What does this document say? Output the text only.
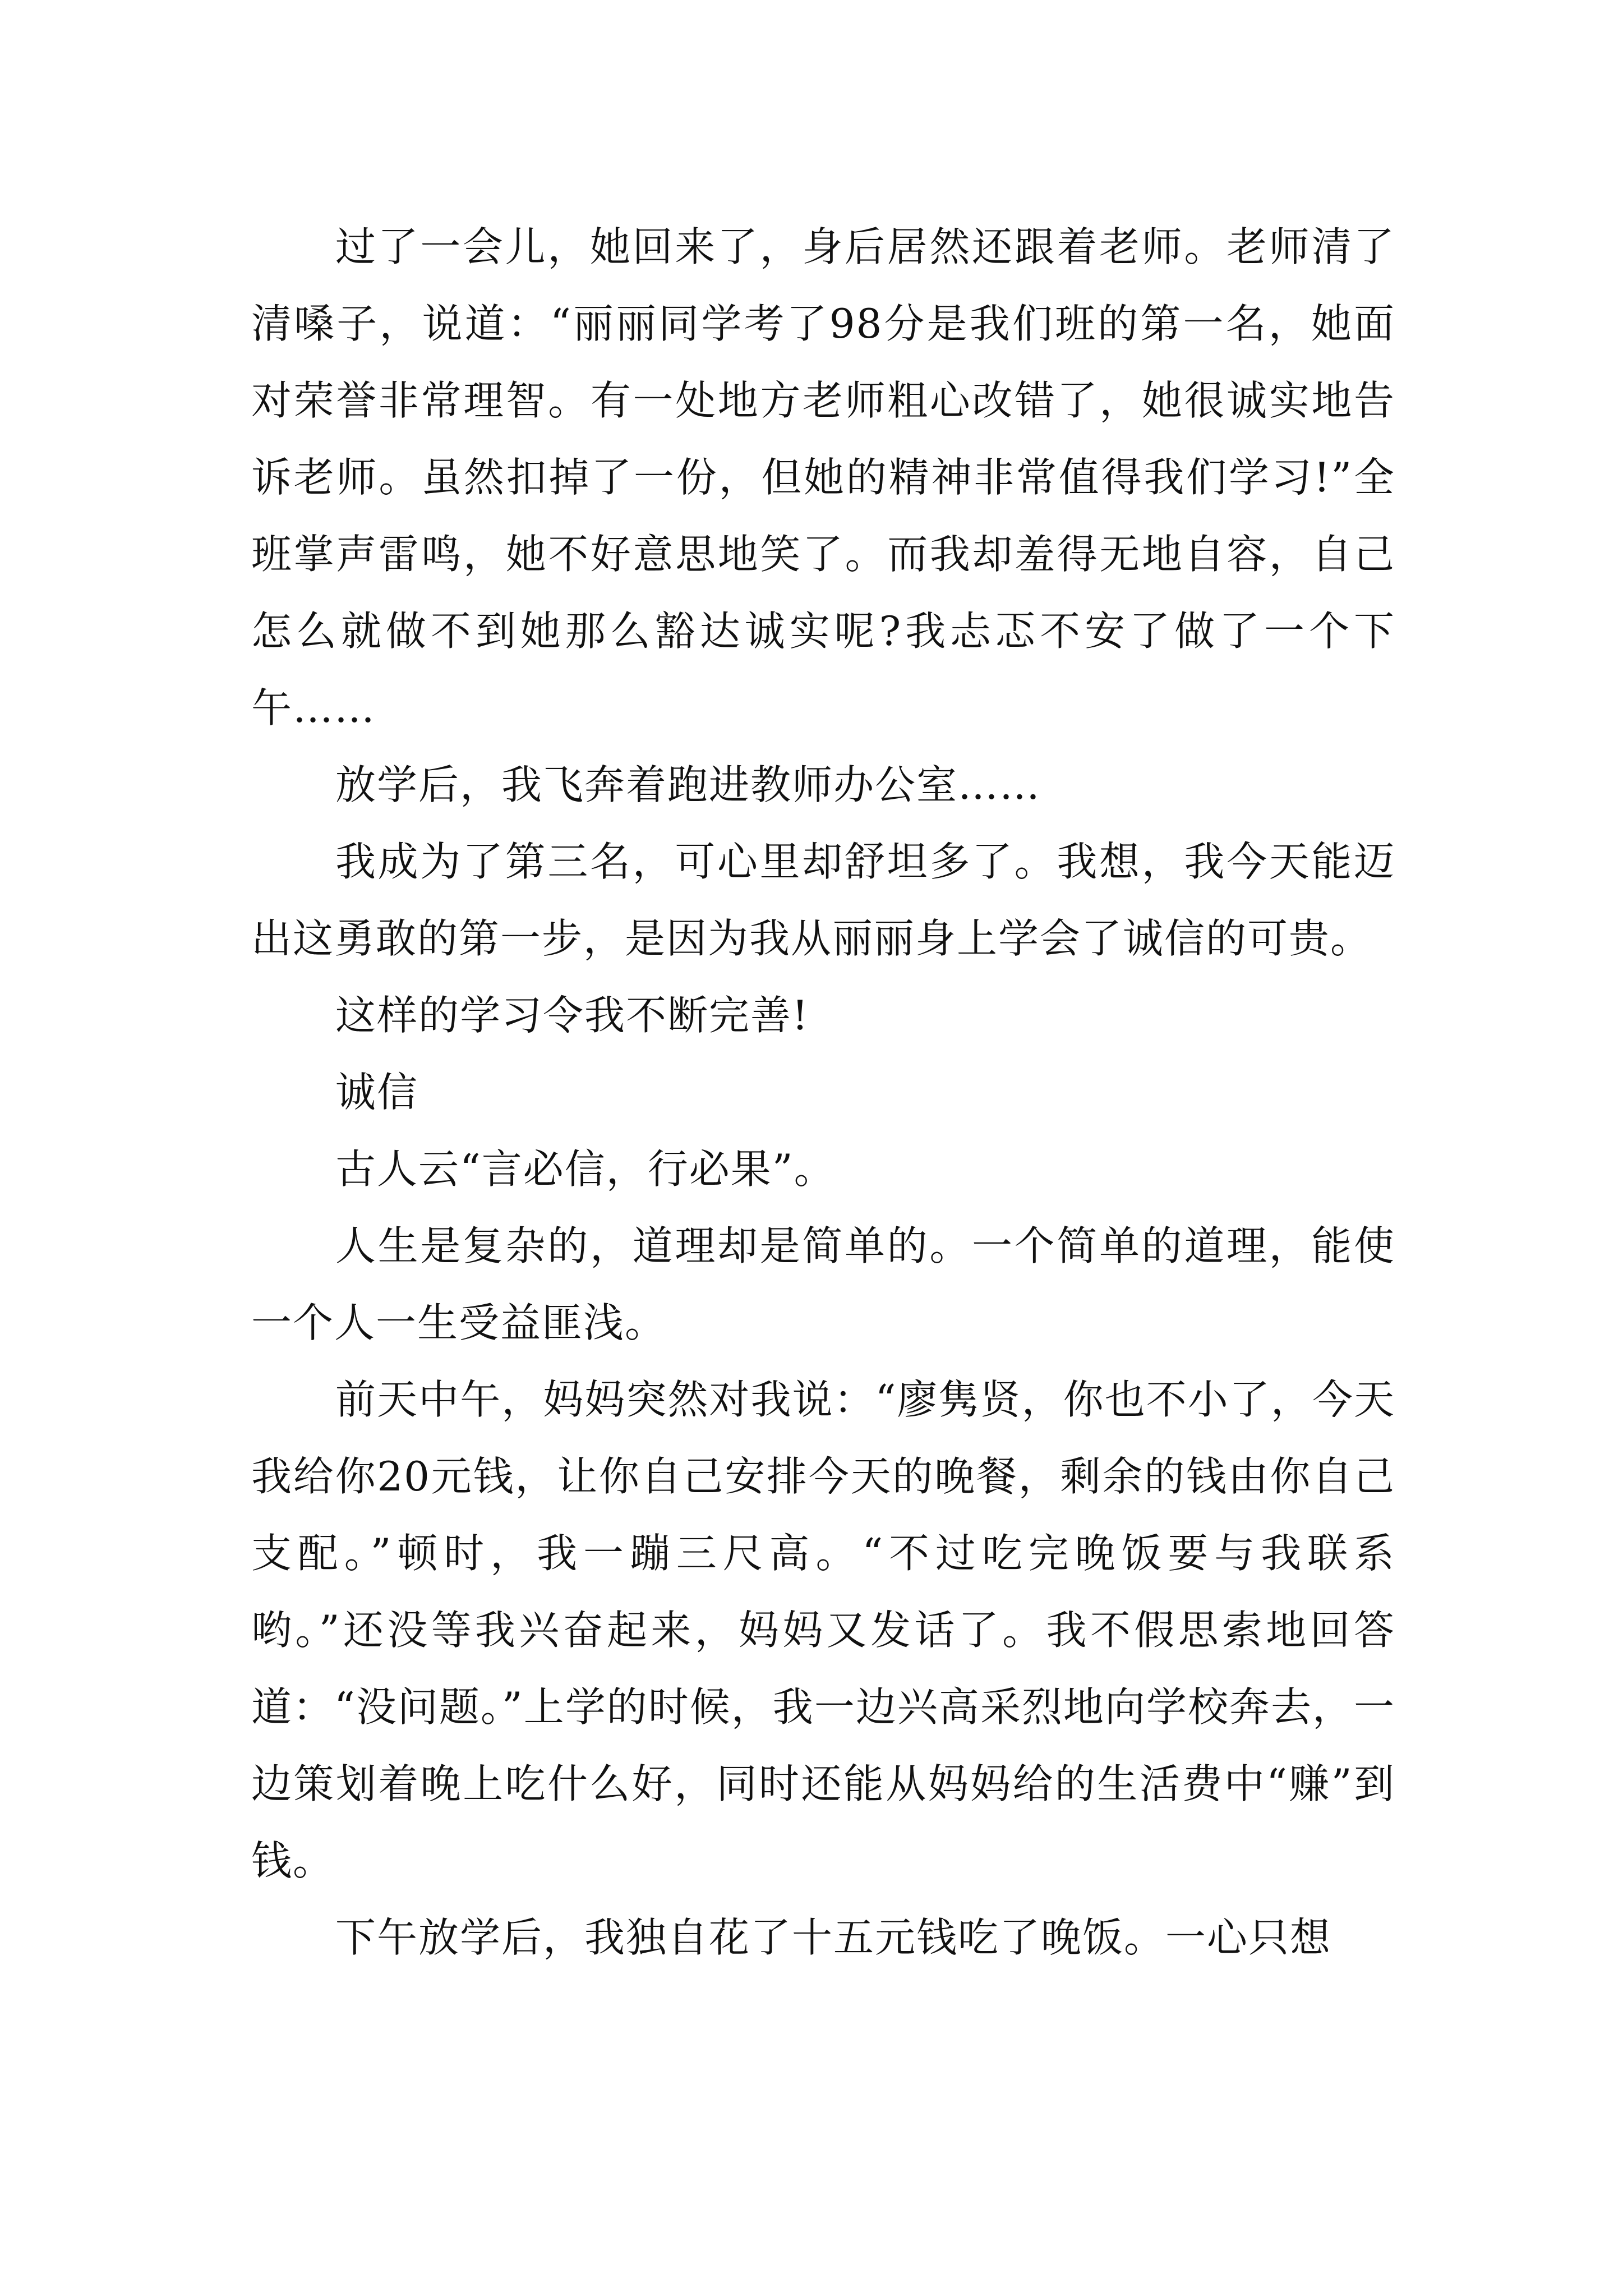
过了一会儿，她回来了，身后居然还跟着老师。老师清了清嗓子，说道：“丽丽同学考了98分是我们班的第一名，她面对荣誉非常理智。有一处地方老师粗心改错了，她很诚实地告诉老师。虽然扣掉了一份，但她的精神非常值得我们学习!”全班掌声雷鸣，她不好意思地笑了。而我却羞得无地自容，自己怎么就做不到她那么豁达诚实呢?我忐忑不安了做了一个下午……

放学后，我飞奔着跑进教师办公室……

我成为了第三名，可心里却舒坦多了。我想，我今天能迈出这勇敢的第一步，是因为我从丽丽身上学会了诚信的可贵。

这样的学习令我不断完善!

诚信

古人云“言必信，行必果”。

人生是复杂的，道理却是简单的。一个简单的道理，能使一个人一生受益匪浅。

前天中午，妈妈突然对我说：“廖隽贤，你也不小了，今天我给你20元钱，让你自己安排今天的晚餐，剩余的钱由你自己支配。”顿时，我一蹦三尺高。“不过吃完晚饭要与我联系哟。”还没等我兴奋起来，妈妈又发话了。我不假思索地回答道：“没问题。”上学的时候，我一边兴高采烈地向学校奔去，一边策划着晚上吃什么好，同时还能从妈妈给的生活费中“赚”到钱。

下午放学后，我独自花了十五元钱吃了晚饭。一心只想
